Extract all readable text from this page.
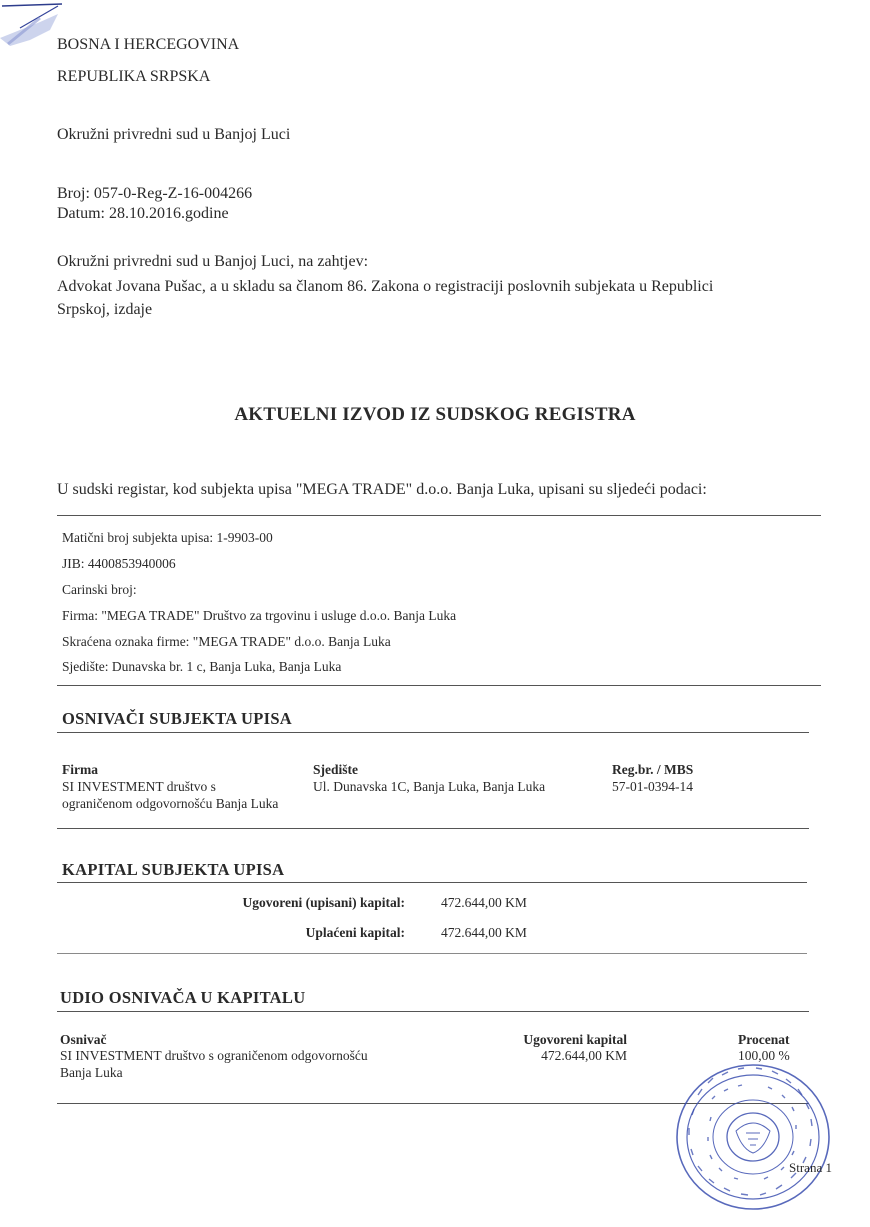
BOSNA I HERCEGOVINA
REPUBLIKA SRPSKA
Okružni privredni sud u Banjoj Luci
Broj: 057-0-Reg-Z-16-004266
Datum: 28.10.2016.godine
Okružni privredni sud u Banjoj Luci, na zahtjev:
Advokat Jovana Pušac, a u skladu sa članom 86. Zakona o registraciji poslovnih subjekata u Republici
Srpskoj, izdaje
AKTUELNI IZVOD IZ SUDSKOG REGISTRA
U sudski registar, kod subjekta upisa "MEGA TRADE" d.o.o. Banja Luka, upisani su sljedeći podaci:
Matični broj subjekta upisa: 1-9903-00
JIB: 4400853940006
Carinski broj:
Firma: "MEGA TRADE" Društvo za trgovinu i usluge d.o.o. Banja Luka
Skraćena oznaka firme: "MEGA TRADE" d.o.o. Banja Luka
Sjedište: Dunavska br. 1 c, Banja Luka, Banja Luka
OSNIVAČI SUBJEKTA UPISA
Firma	Sjedište	Reg.br. / MBS
SI INVESTMENT društvo s
ograničenom odgovornošću Banja Luka
Ul. Dunavska 1C, Banja Luka, Banja Luka	57-01-0394-14
KAPITAL SUBJEKTA UPISA
Ugovoreni (upisani) kapital:	472.644,00 KM
Uplaćeni kapital:	472.644,00 KM
UDIO OSNIVAČA U KAPITALU
Osnivač	Ugovoreni kapital	Procenat
SI INVESTMENT društvo s ograničenom odgovornošću
Banja Luka
472.644,00 KM	100,00 %
Strana 1
